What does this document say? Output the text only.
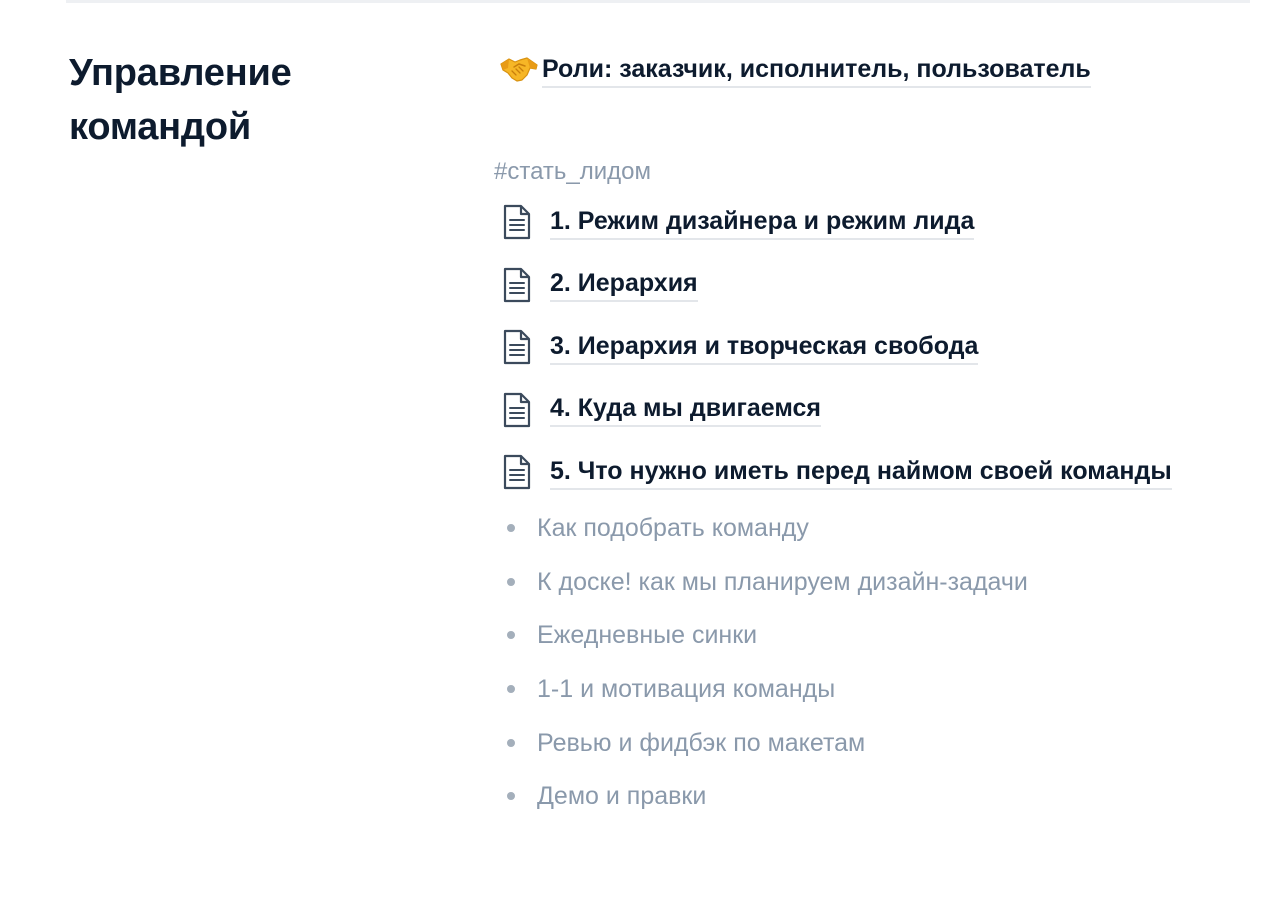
Управление командой
Роли: заказчик, исполнитель, пользователь
#стать_лидом
1. Режим дизайнера и режим лида
2. Иерархия
3. Иерархия и творческая свобода
4. Куда мы двигаемся
5. Что нужно иметь перед наймом своей команды
Как подобрать команду
К доске! как мы планируем дизайн-задачи
Ежедневные синки
1-1 и мотивация команды
Ревью и фидбэк по макетам
Демо и правки
